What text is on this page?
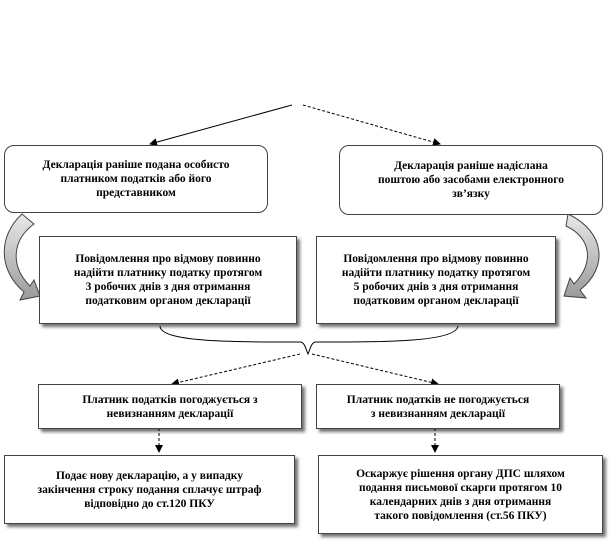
Декларація раніше подана особисто
платником податків або його
представником
Декларація раніше надіслана
поштою або засобами електронного
зв’язку
Повідомлення про відмову повинно
надійти платнику податку протягом
3 робочих днів з дня отримання
податковим органом декларації
Повідомлення про відмову повинно
надійти платнику податку протягом
5 робочих днів з дня отримання
податковим органом декларації
Платник податків погоджується з
невизнанням декларації
Платник податків не погоджується
з невизнанням декларації
Подає нову декларацію, а у випадку
закінчення строку подання сплачує штраф
відповідно до ст.120 ПКУ
Оскаржує рішення органу ДПС шляхом
подання письмової скарги протягом 10
календарних днів з дня отримання
такого повідомлення (ст.56 ПКУ)
